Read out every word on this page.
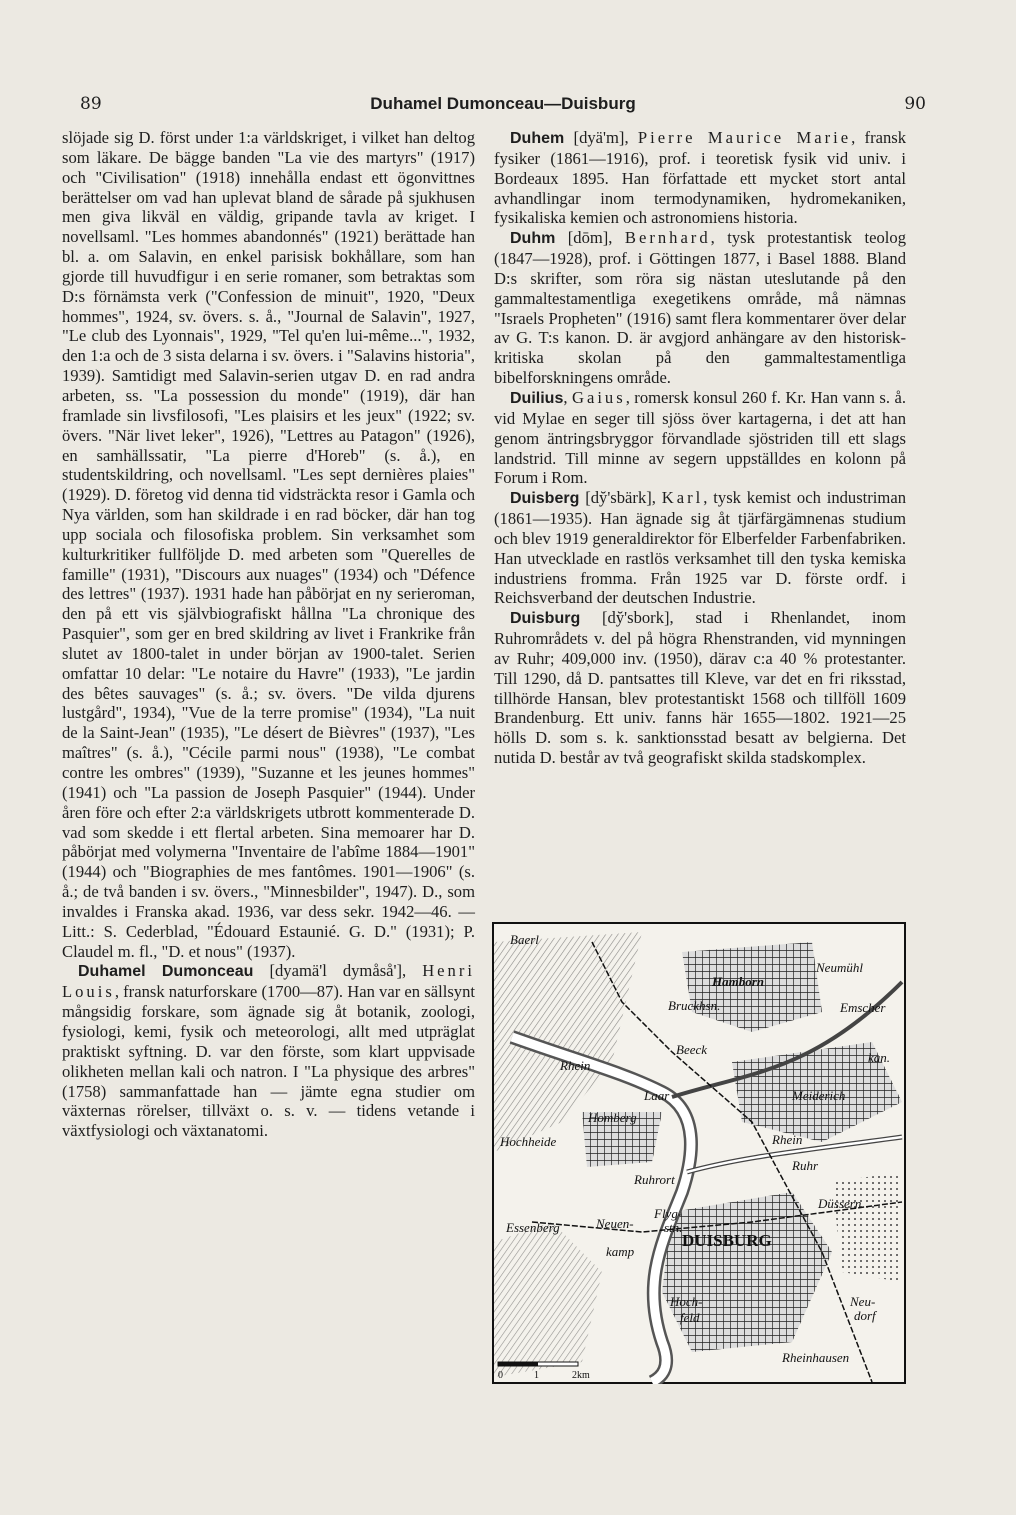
89	Duhamel Dumonceau—Duisburg	90

slöjade sig D. först under 1:a världskriget, i vilket han deltog som läkare. De bägge banden "La vie des martyrs" (1917) och "Civilisation" (1918) innehålla endast ett ögonvittnes berättelser om vad han uplevat bland de sårade på sjukhusen men giva likväl en väldig, gripande tavla av kriget. I novellsaml. "Les hommes abandonnés" (1921) berättade han bl. a. om Salavin, en enkel parisisk bokhållare, som han gjorde till huvudfigur i en serie romaner, som betraktas som D:s förnämsta verk ("Confession de minuit", 1920, "Deux hommes", 1924, sv. övers. s. å., "Journal de Salavin", 1927, "Le club des Lyonnais", 1929, "Tel qu'en lui-même...", 1932, den 1:a och de 3 sista delarna i sv. övers. i "Salavins historia", 1939). Samtidigt med Salavin-serien utgav D. en rad andra arbeten, ss. "La possession du monde" (1919), där han framlade sin livsfilosofi, "Les plaisirs et les jeux" (1922; sv. övers. "När livet leker", 1926), "Lettres au Patagon" (1926), en samhällssatir, "La pierre d'Horeb" (s. å.), en studentskildring, och novellsaml. "Les sept dernières plaies" (1929). D. företog vid denna tid vidsträckta resor i Gamla och Nya världen, som han skildrade i en rad böcker, där han tog upp sociala och filosofiska problem. Sin verksamhet som kulturkritiker fullföljde D. med arbeten som "Querelles de famille" (1931), "Discours aux nuages" (1934) och "Défence des lettres" (1937). 1931 hade han påbörjat en ny serieroman, den på ett vis självbiografiskt hållna "La chronique des Pasquier", som ger en bred skildring av livet i Frankrike från slutet av 1800-talet in under början av 1900-talet. Serien omfattar 10 delar: "Le notaire du Havre" (1933), "Le jardin des bêtes sauvages" (s. å.; sv. övers. "De vilda djurens lustgård", 1934), "Vue de la terre promise" (1934), "La nuit de la Saint-Jean" (1935), "Le désert de Bièvres" (1937), "Les maîtres" (s. å.), "Cécile parmi nous" (1938), "Le combat contre les ombres" (1939), "Suzanne et les jeunes hommes" (1941) och "La passion de Joseph Pasquier" (1944). Under åren före och efter 2:a världskrigets utbrott kommenterade D. vad som skedde i ett flertal arbeten. Sina memoarer har D. påbörjat med volymerna "Inventaire de l'abîme 1884—1901" (1944) och "Biographies de mes fantômes. 1901—1906" (s. å.; de två banden i sv. övers., "Minnesbilder", 1947). D., som invaldes i Franska akad. 1936, var dess sekr. 1942—46. — Litt.: S. Cederblad, "Édouard Estaunié. G. D." (1931); P. Claudel m. fl., "D. et nous" (1937).

Duhamel Dumonceau [dyamä'l dymåså'], Henri Louis, fransk naturforskare (1700—87). Han var en sällsynt mångsidig forskare, som ägnade sig åt botanik, zoologi, fysiologi, kemi, fysik och meteorologi, allt med utpräglat praktiskt syftning. D. var den förste, som klart uppvisade olikheten mellan kali och natron. I "La physique des arbres" (1758) sammanfattade han — jämte egna studier om växternas rörelser, tillväxt o. s. v. — tidens vetande i växtfysiologi och växtanatomi.

Duhem [dyä'm], Pierre Maurice Marie, fransk fysiker (1861—1916), prof. i teoretisk fysik vid univ. i Bordeaux 1895. Han författade ett mycket stort antal avhandlingar inom termodynamiken, hydromekaniken, fysikaliska kemien och astronomiens historia.

Duhm [dōm], Bernhard, tysk protestantisk teolog (1847—1928), prof. i Göttingen 1877, i Basel 1888. Bland D:s skrifter, som röra sig nästan uteslutande på den gammaltestamentliga exegetikens område, må nämnas "Israels Propheten" (1916) samt flera kommentarer över delar av G. T:s kanon. D. är avgjord anhängare av den historisk-kritiska skolan på den gammaltestamentliga bibelforskningens område.

Duilius, Gaius, romersk konsul 260 f. Kr. Han vann s. å. vid Mylae en seger till sjöss över kartagerna, i det att han genom äntringsbryggor förvandlade sjöstriden till ett slags landstrid. Till minne av segern uppställdes en kolonn på Forum i Rom.

Duisberg [dy̆'sbärk], Karl, tysk kemist och industriman (1861—1935). Han ägnade sig åt tjärfärgämnenas studium och blev 1919 generaldirektor för Elberfelder Farbenfabriken. Han utvecklade en rastlös verksamhet till den tyska kemiska industriens fromma. Från 1925 var D. förste ordf. i Reichsverband der deutschen Industrie.

Duisburg [dy̆'sbork], stad i Rhenlandet, inom Ruhrområdets v. del på högra Rhenstranden, vid mynningen av Ruhr; 409,000 inv. (1950), därav c:a 40 % protestanter. Till 1290, då D. pantsattes till Kleve, var det en fri riksstad, tillhörde Hansan, blev protestantiskt 1568 och tillföll 1609 Brandenburg. Ett univ. fanns här 1655—1802. 1921—25 hölls D. som s. k. sanktionsstad besatt av belgierna. Det nutida D. består av två geografiskt skilda stadskomplex.

Baerl
Hamborn
Neumühl
Bruckhsn.	Emscher
Beeck
Rhein
Laar
Homberg
Meiderich
Hochheide	Rhein
Ruhrort
Ruhr
Flyg-
stn.
Düssern
Neuen-
kamp
Essenberg
DUISBURG
Hoch-
feld
Neu-
dorf
Rheinhausen
kan.
0	1	2km
